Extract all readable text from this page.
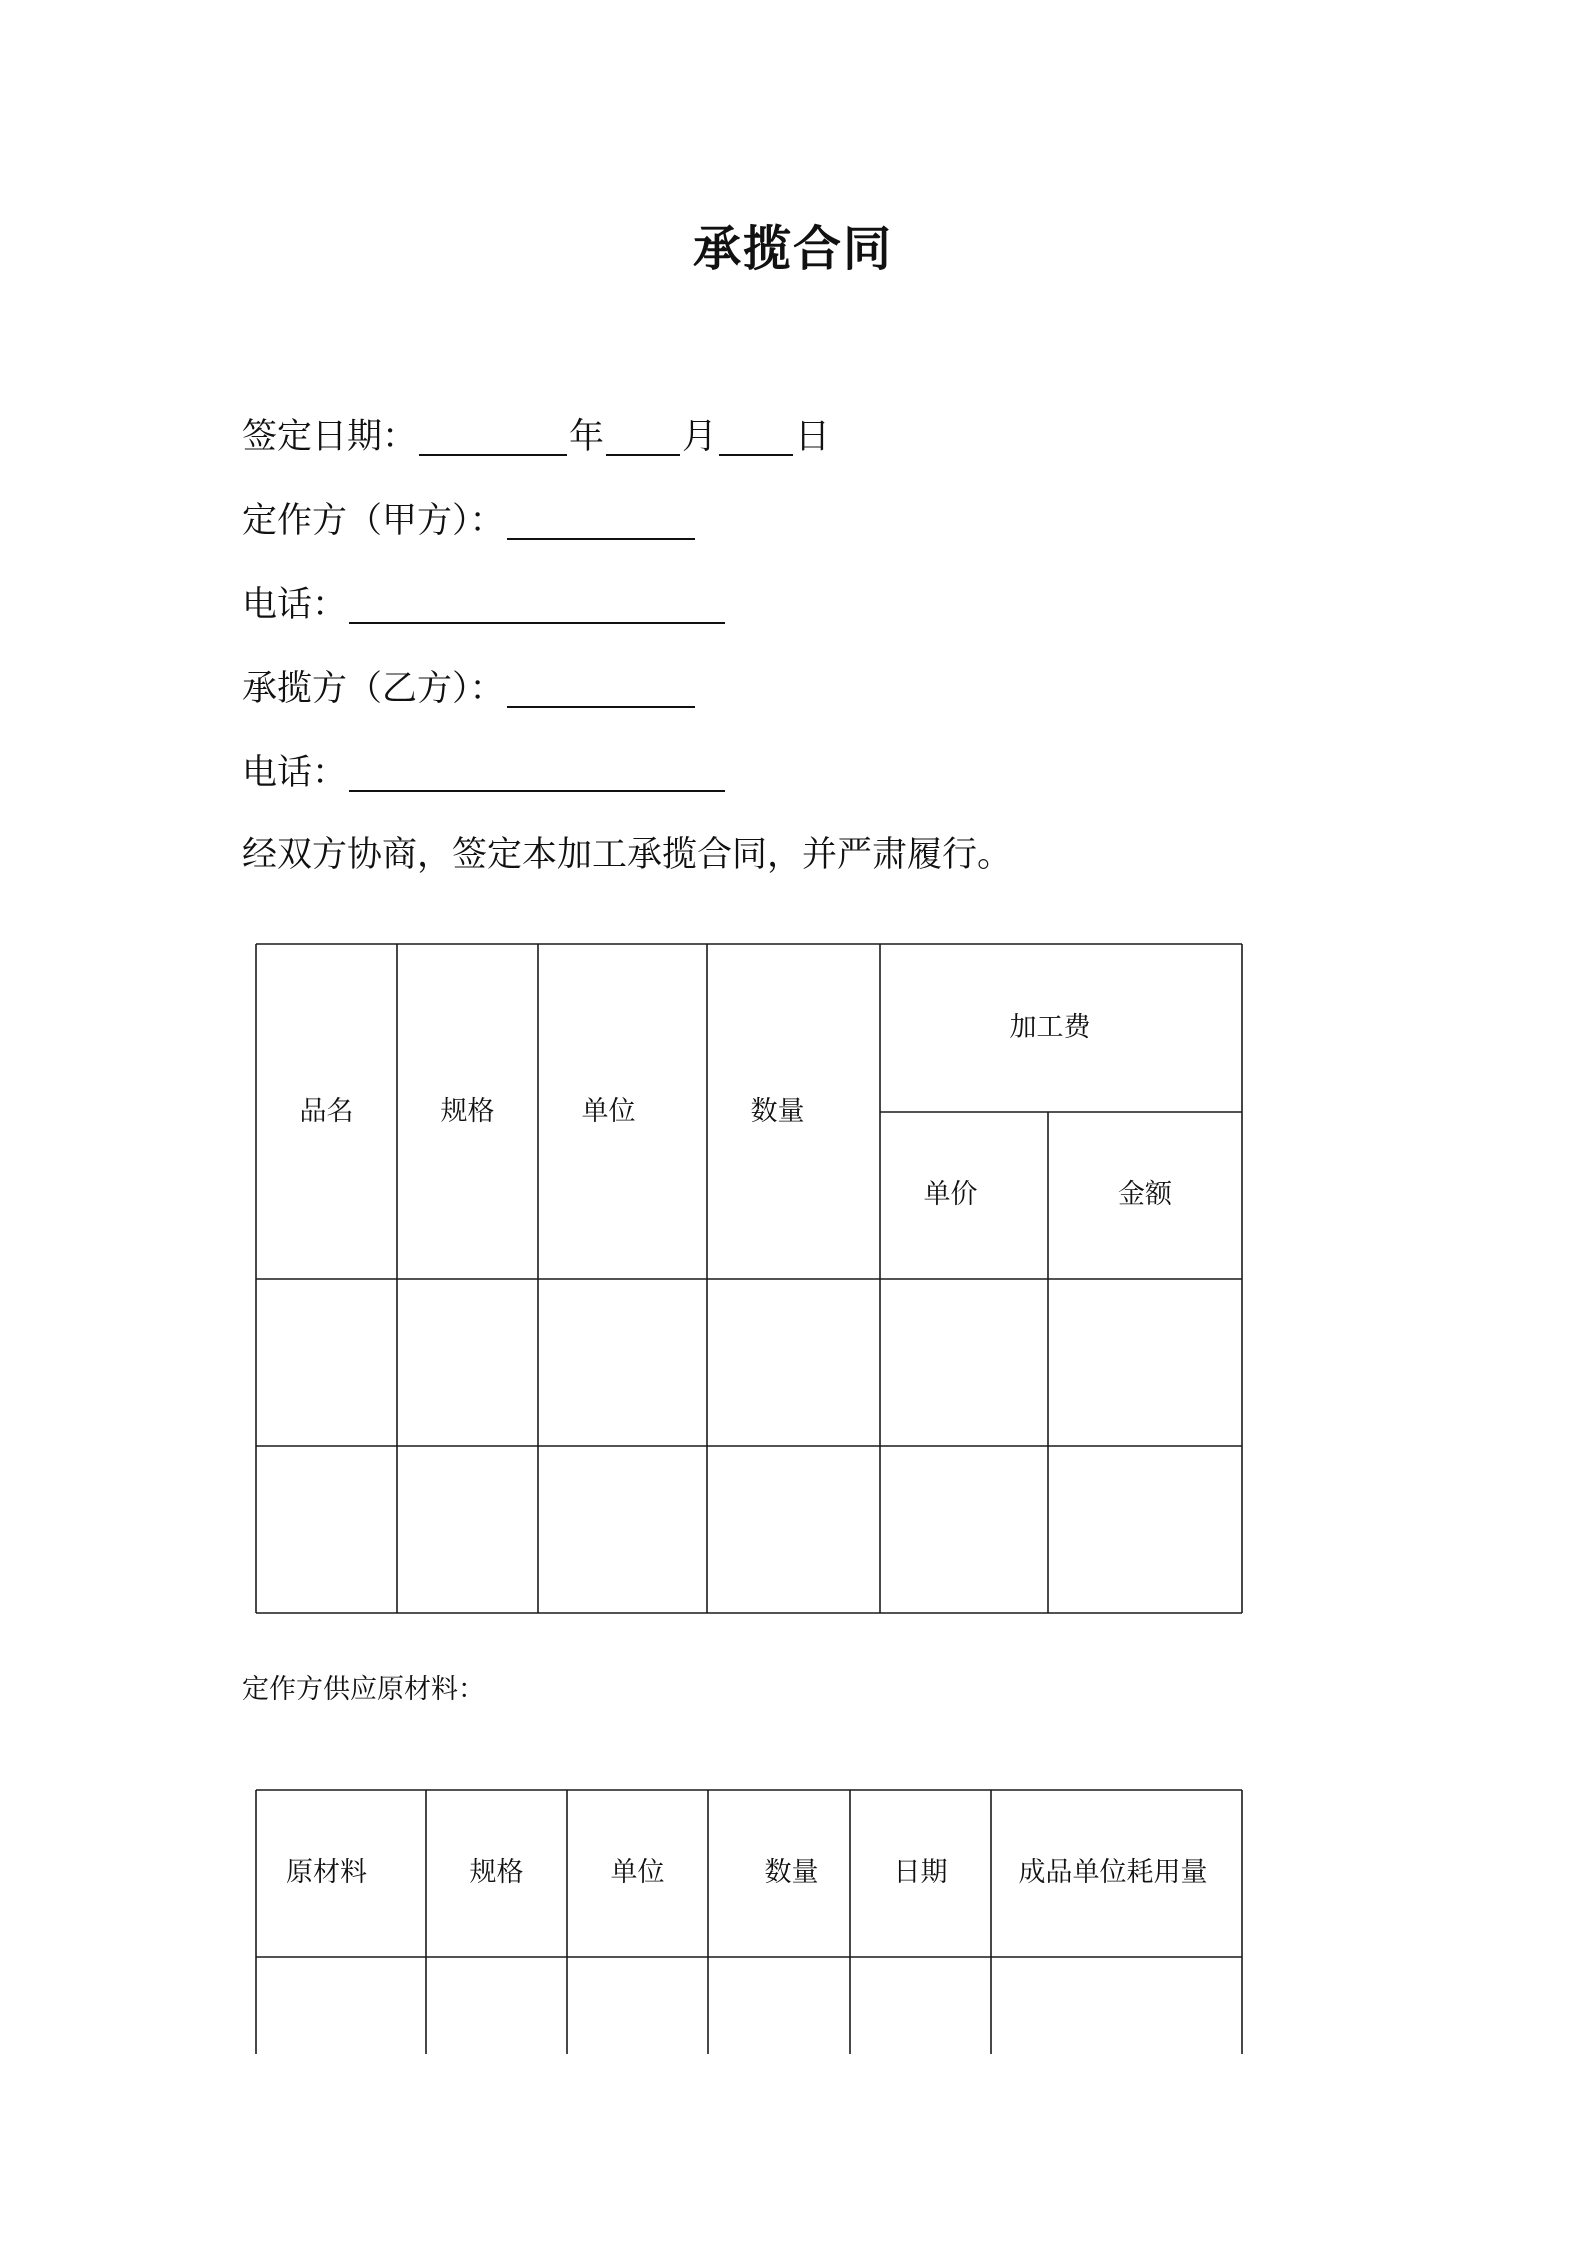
承揽合同
签定日期：	年 月 日
定作方（甲方）：
电话：
承揽方（乙方）：
电话：
经双方协商，签定本加工承揽合同，并严肃履行。
品名	规格	单位	数量
加工费
单价	金额
定作方供应原材料：
原材料	规格	单位	数量	日期	成品单位耗用量
